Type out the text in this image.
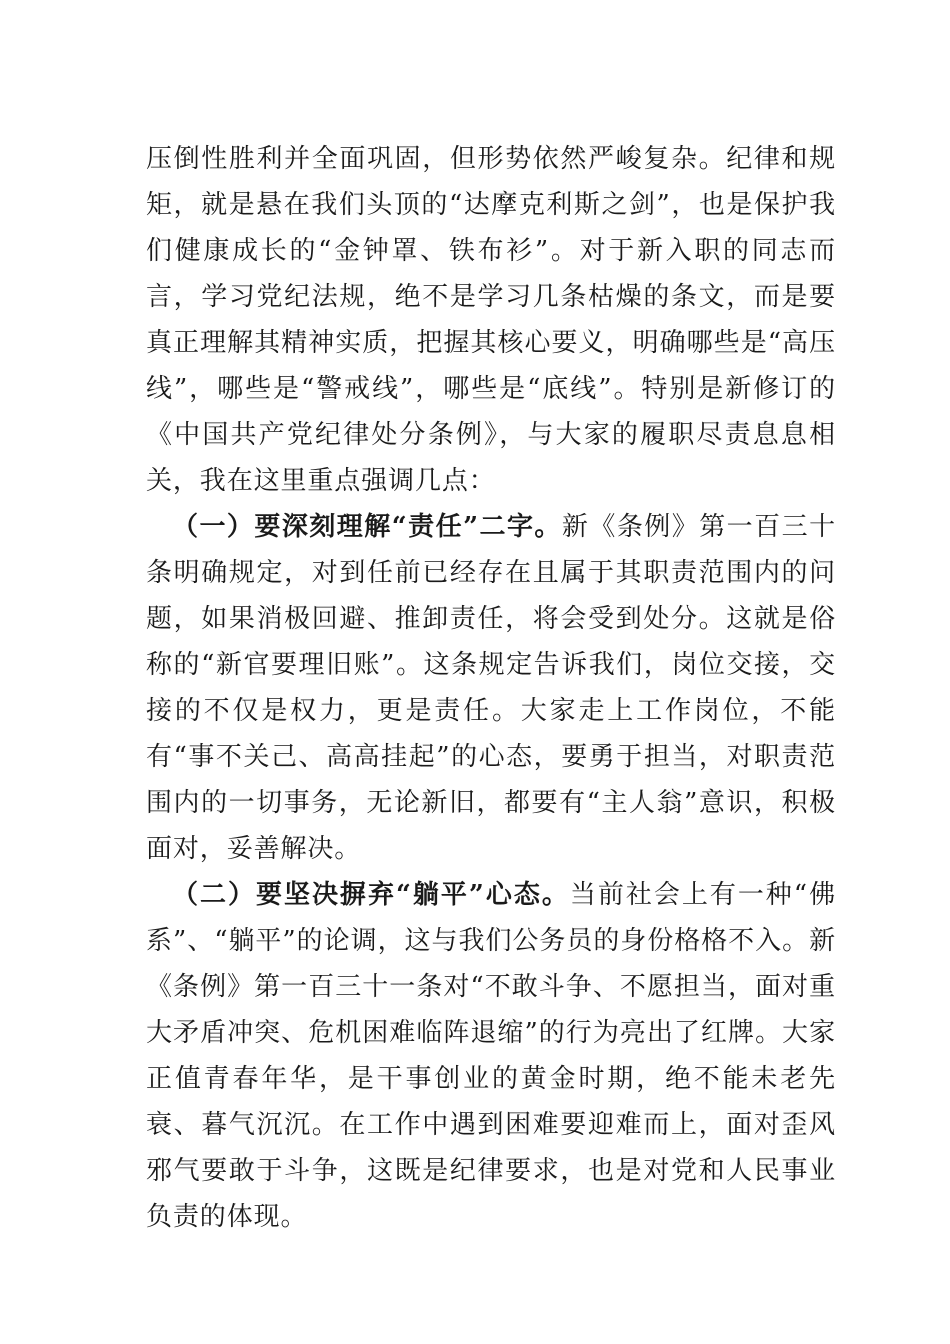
压倒性胜利并全面巩固，但形势依然严峻复杂。纪律和规矩，就是悬在我们头顶的“达摩克利斯之剑”，也是保护我们健康成长的“金钟罩、铁布衫”。对于新入职的同志而言，学习党纪法规，绝不是学习几条枯燥的条文，而是要真正理解其精神实质，把握其核心要义，明确哪些是“高压线”，哪些是“警戒线”，哪些是“底线”。特别是新修订的《中国共产党纪律处分条例》，与大家的履职尽责息息相关，我在这里重点强调几点：

（一）要深刻理解“责任”二字。新《条例》第一百三十条明确规定，对到任前已经存在且属于其职责范围内的问题，如果消极回避、推卸责任，将会受到处分。这就是俗称的“新官要理旧账”。这条规定告诉我们，岗位交接，交接的不仅是权力，更是责任。大家走上工作岗位，不能有“事不关己、高高挂起”的心态，要勇于担当，对职责范围内的一切事务，无论新旧，都要有“主人翁”意识，积极面对，妥善解决。

（二）要坚决摒弃“躺平”心态。当前社会上有一种“佛系”、“躺平”的论调，这与我们公务员的身份格格不入。新《条例》第一百三十一条对“不敢斗争、不愿担当，面对重大矛盾冲突、危机困难临阵退缩”的行为亮出了红牌。大家正值青春年华，是干事创业的黄金时期，绝不能未老先衰、暮气沉沉。在工作中遇到困难要迎难而上，面对歪风邪气要敢于斗争，这既是纪律要求，也是对党和人民事业负责的体现。
